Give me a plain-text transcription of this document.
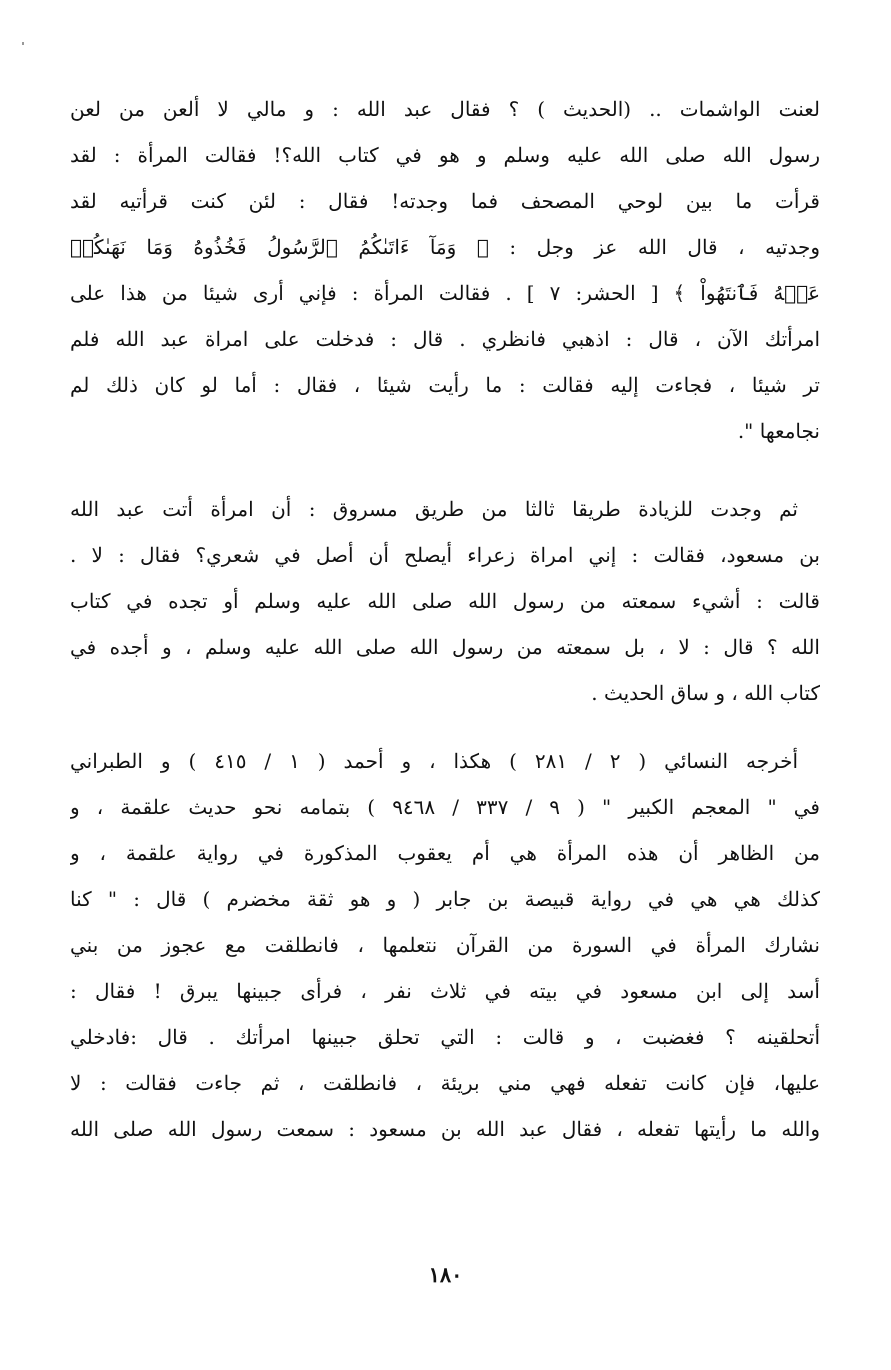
لعنت الواشمات .. (الحديث ) ؟ فقال عبد الله : و مالي لا ألعن من لعن
رسول الله صلى الله عليه وسلم و هو في كتاب الله؟! فقالت المرأة : لقد
قرأت ما بين لوحي المصحف فما وجدته! فقال : لئن كنت قرأتيه لقد
وجدتيه ، قال الله عز وجل : ﴿ وَمَآ ءَاتَىٰكُمُ ٱلرَّسُولُ فَخُذُوهُ وَمَا نَهَىٰكُمۡ
عَنۡهُ فَٱنتَهُواْ ﴾ [ الحشر: ٧ ] . فقالت المرأة : فإني أرى شيئا من هذا على
امرأتك الآن ، قال : اذهبي فانظري . قال : فدخلت على امراة عبد الله فلم
تر شيئا ، فجاءت إليه فقالت : ما رأيت شيئا ، فقال : أما لو كان ذلك لم
نجامعها ".
ثم وجدت للزيادة طريقا ثالثا من طريق مسروق : أن امرأة أتت عبد الله
بن مسعود، فقالت : إني امراة زعراء أيصلح أن أصل في شعري؟ فقال : لا .
قالت : أشيء سمعته من رسول الله صلى الله عليه وسلم أو تجده في كتاب
الله ؟ قال : لا ، بل سمعته من رسول الله صلى الله عليه وسلم ، و أجده في
كتاب الله ، و ساق الحديث .
أخرجه النسائي ( ٢ / ٢٨١ ) هكذا ، و أحمد ( ١ / ٤١٥ ) و الطبراني
في " المعجم الكبير " ( ٩ / ٣٣٧ / ٩٤٦٨ ) بتمامه نحو حديث علقمة ، و
من الظاهر أن هذه المرأة هي أم يعقوب المذكورة في رواية علقمة ، و
كذلك هي هي في رواية قبيصة بن جابر ( و هو ثقة مخضرم ) قال : " كنا
نشارك المرأة في السورة من القرآن نتعلمها ، فانطلقت مع عجوز من بني
أسد إلى ابن مسعود في بيته في ثلاث نفر ، فرأى جبينها يبرق ! فقال :
أتحلقينه ؟ فغضبت ، و قالت : التي تحلق جبينها امرأتك . قال :فادخلي
عليها، فإن كانت تفعله فهي مني بريئة ، فانطلقت ، ثم جاءت فقالت : لا
والله ما رأيتها تفعله ، فقال عبد الله بن مسعود : سمعت رسول الله صلى الله
١٨٠
